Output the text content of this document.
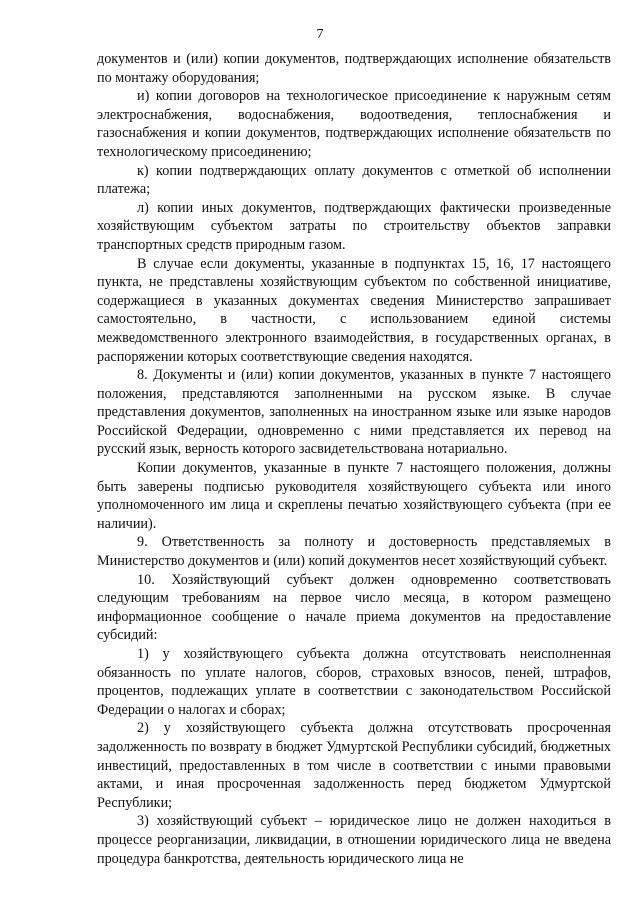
7

документов и (или) копии документов, подтверждающих исполнение обязательств по монтажу оборудования;

и) копии договоров на технологическое присоединение к наружным сетям электроснабжения, водоснабжения, водоотведения, теплоснабжения и газоснабжения и копии документов, подтверждающих исполнение обязательств по технологическому присоединению;

к) копии подтверждающих оплату документов с отметкой об исполнении платежа;

л) копии иных документов, подтверждающих фактически произведенные хозяйствующим субъектом затраты по строительству объектов заправки транспортных средств природным газом.

В случае если документы, указанные в подпунктах 15, 16, 17 настоящего пункта, не представлены хозяйствующим субъектом по собственной инициативе, содержащиеся в указанных документах сведения Министерство запрашивает самостоятельно, в частности, с использованием единой системы межведомственного электронного взаимодействия, в государственных органах, в распоряжении которых соответствующие сведения находятся.

8. Документы и (или) копии документов, указанных в пункте 7 настоящего положения, представляются заполненными на русском языке. В случае представления документов, заполненных на иностранном языке или языке народов Российской Федерации, одновременно с ними представляется их перевод на русский язык, верность которого засвидетельствована нотариально.

Копии документов, указанные в пункте 7 настоящего положения, должны быть заверены подписью руководителя хозяйствующего субъекта или иного уполномоченного им лица и скреплены печатью хозяйствующего субъекта (при ее наличии).

9. Ответственность за полноту и достоверность представляемых в Министерство документов и (или) копий документов несет хозяйствующий субъект.

10. Хозяйствующий субъект должен одновременно соответствовать следующим требованиям на первое число месяца, в котором размещено информационное сообщение о начале приема документов на предоставление субсидий:

1) у хозяйствующего субъекта должна отсутствовать неисполненная обязанность по уплате налогов, сборов, страховых взносов, пеней, штрафов, процентов, подлежащих уплате в соответствии с законодательством Российской Федерации о налогах и сборах;

2) у хозяйствующего субъекта должна отсутствовать просроченная задолженность по возврату в бюджет Удмуртской Республики субсидий, бюджетных инвестиций, предоставленных в том числе в соответствии с иными правовыми актами, и иная просроченная задолженность перед бюджетом Удмуртской Республики;

3) хозяйствующий субъект – юридическое лицо не должен находиться в процессе реорганизации, ликвидации, в отношении юридического лица не введена процедура банкротства, деятельность юридического лица не
